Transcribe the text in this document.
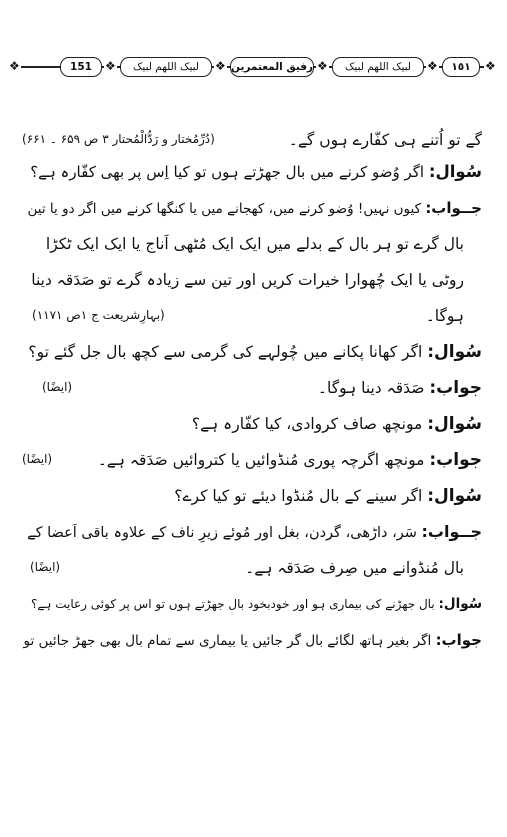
❖	151	❖	لبیک اللھم لبیک	❖ رفیق المعتمرین ❖	لبیک اللھم لبیک	❖	١٥١	❖
گے تو اُتنے ہی کفّارے ہوں گے۔
(دُرِّمُختار و رَدُّالْمُحتار ۳ ص ۶۵۹ ۔ ۶۶۱)
سُوال: اگر وُضو کرنے میں بال جھڑتے ہوں تو کیا اِس پر بھی کفّارہ ہے؟
جــواب: کیوں نہیں! وُضو کرنے میں، کھجانے میں یا کنگھا کرنے میں اگر دو یا تین
بال گرے تو ہر بال کے بدلے میں ایک ایک مُٹھی اَناج یا ایک ایک ٹکڑا
روٹی یا ایک چُھوارا خیرات کریں اور تین سے زیادہ گرے تو صَدَقہ دینا
ہوگا۔
(بہارِشریعت ج ۱ص ۱۱۷۱)
سُوال: اگر کھانا پکانے میں چُولہے کی گرمی سے کچھ بال جل گئے تو؟
جواب: صَدَقہ دینا ہوگا۔
(ایضًا)
سُوال: مونچھ صاف کروادی، کیا کفّارہ ہے؟
جواب: مونچھ اگرچہ پوری مُنڈوائیں یا کتروائیں صَدَقہ ہے۔
(ایضًا)
سُوال: اگر سینے کے بال مُنڈوا دیئے تو کیا کرے؟
جــواب: سَر، داڑھی، گردن، بغل اور مُوئے زیرِ ناف کے علاوہ باقی اَعضا کے
بال مُنڈوانے میں صِرف صَدَقہ ہے۔
(ایضًا)
سُوال: بال جھڑنے کی بیماری ہو اور خودبخود بال جھڑتے ہوں تو اس پر کوئی رعایت ہے؟
جواب: اگر بغیر ہاتھ لگائے بال گر جائیں یا بیماری سے تمام بال بھی جھڑ جائیں تو
